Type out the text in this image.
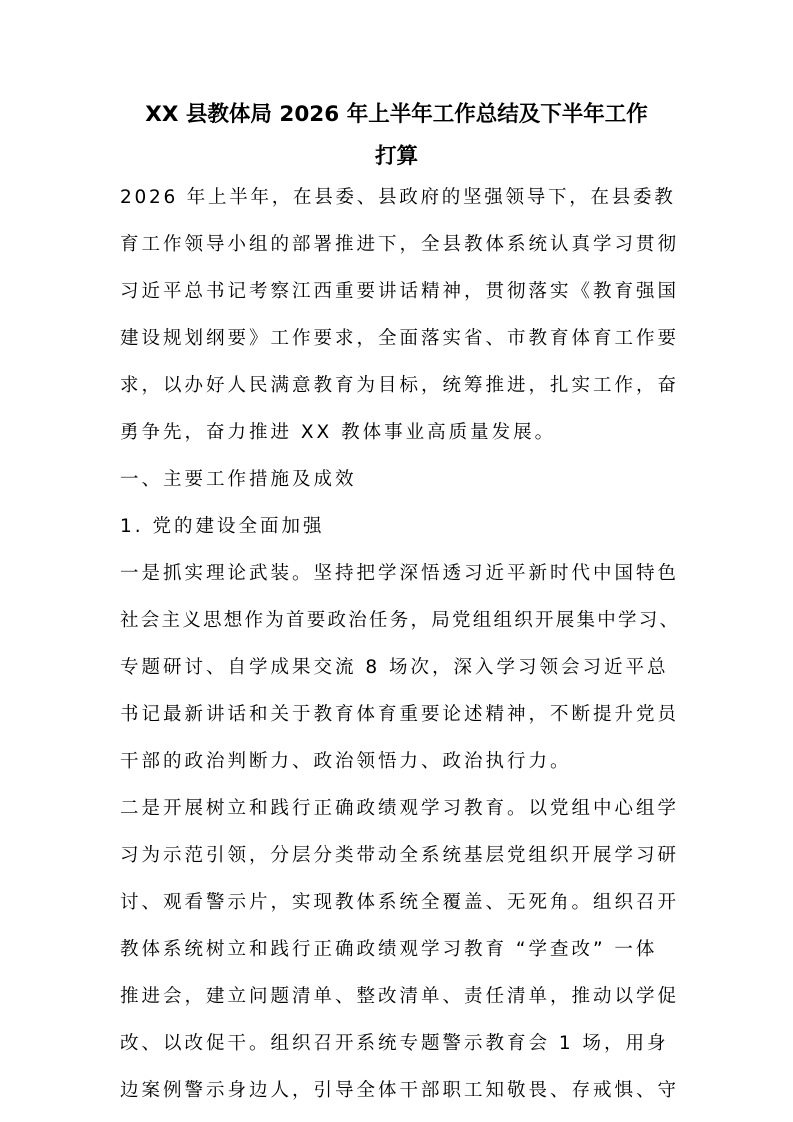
XX 县教体局 2026 年上半年工作总结及下半年工作
打算

2026 年上半年，在县委、县政府的坚强领导下，在县委教

育工作领导小组的部署推进下，全县教体系统认真学习贯彻

习近平总书记考察江西重要讲话精神，贯彻落实《教育强国

建设规划纲要》工作要求，全面落实省、市教育体育工作要

求，以办好人民满意教育为目标，统筹推进，扎实工作，奋

勇争先，奋力推进 XX 教体事业高质量发展。

一、主要工作措施及成效

1. 党的建设全面加强

一是抓实理论武装。坚持把学深悟透习近平新时代中国特色

社会主义思想作为首要政治任务，局党组组织开展集中学习、

专题研讨、自学成果交流 8 场次，深入学习领会习近平总

书记最新讲话和关于教育体育重要论述精神，不断提升党员

干部的政治判断力、政治领悟力、政治执行力。

二是开展树立和践行正确政绩观学习教育。以党组中心组学

习为示范引领，分层分类带动全系统基层党组织开展学习研

讨、观看警示片，实现教体系统全覆盖、无死角。组织召开

教体系统树立和践行正确政绩观学习教育 “学查改” 一体

推进会，建立问题清单、整改清单、责任清单，推动以学促

改、以改促干。组织召开系统专题警示教育会 1 场，用身

边案例警示身边人，引导全体干部职工知敬畏、存戒惧、守
